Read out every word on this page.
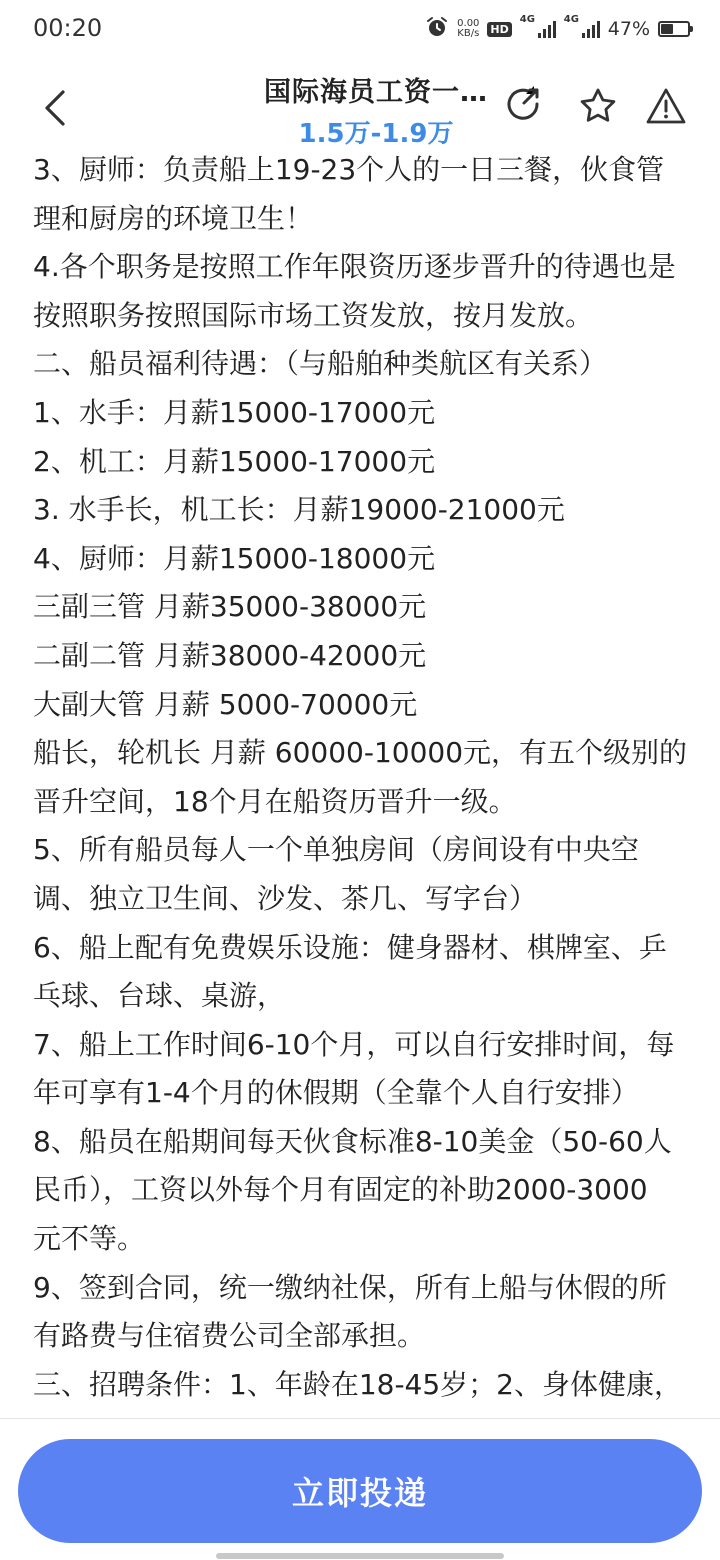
00:20	0.00
KB/s HD
4G	4G 47%
国际海员工资一…
1.5万-1.9万
3、厨师：负责船上19-23个人的一日三餐，伙食管
理和厨房的环境卫生！
4.各个职务是按照工作年限资历逐步晋升的待遇也是
按照职务按照国际市场工资发放，按月发放。
二、船员福利待遇：（与船舶种类航区有关系）
1、水手：月薪15000-17000元
2、机工：月薪15000-17000元
3. 水手长，机工长：月薪19000-21000元
4、厨师：月薪15000-18000元
三副三管 月薪35000-38000元
二副二管 月薪38000-42000元
大副大管 月薪 5000-70000元
船长，轮机长 月薪 60000-10000元，有五个级别的
晋升空间，18个月在船资历晋升一级。
5、所有船员每人一个单独房间（房间设有中央空
调、独立卫生间、沙发、茶几、写字台）
6、船上配有免费娱乐设施：健身器材、棋牌室、乒
乓球、台球、桌游，
7、船上工作时间6-10个月，可以自行安排时间，每
年可享有1-4个月的休假期（全靠个人自行安排）
8、船员在船期间每天伙食标准8-10美金（50-60人
民币），工资以外每个月有固定的补助2000-3000
元不等。
9、签到合同，统一缴纳社保，所有上船与休假的所
有路费与住宿费公司全部承担。
三、招聘条件：1、年龄在18-45岁；2、身体健康，
立即投递
